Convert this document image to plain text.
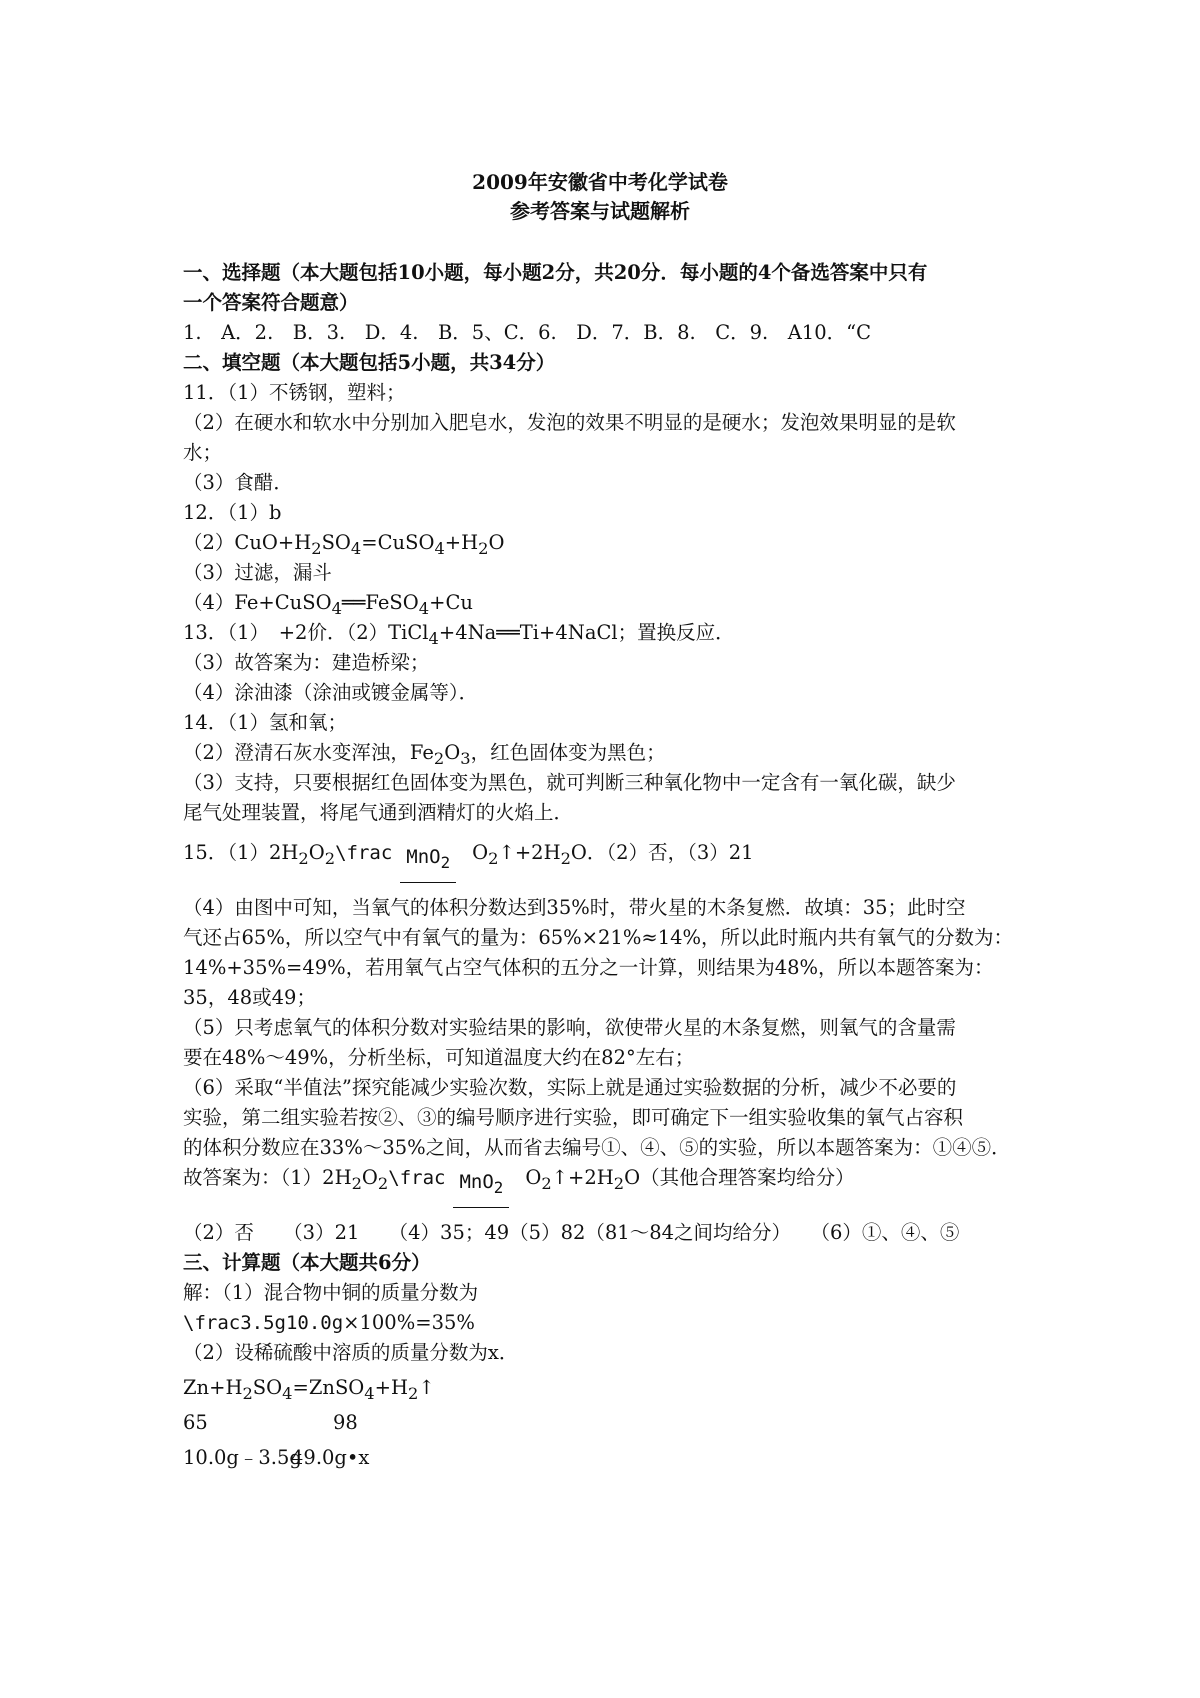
2009年安徽省中考化学试卷
参考答案与试题解析
一、选择题（本大题包括10小题，每小题2分，共20分．每小题的4个备选答案中只有
一个答案符合题意）
1.　A．2.　B．3.　D．4.　B．5、C．6.　D．7．B．8.　C．9.　A10．“C
二、填空题（本大题包括5小题，共34分）
11．（1）不锈钢，塑料；
（2）在硬水和软水中分别加入肥皂水，发泡的效果不明显的是硬水；发泡效果明显的是软
水；
（3）食醋．
12．（1）b
$(2)CuO+H_2SO_4=CuSO_4+H_2O$
（3）过滤，漏斗
（4）Fe+CuSO$_4$══FeSO$_4$+Cu
13．（1）　+2价．（2）TiCl$_4$+4Na══Ti+4NaCl；置换反应．
（3）故答案为：建造桥梁；
（4）涂油漆（涂油或镀金属等）．
14．（1）氢和氧；
（2）澄清石灰水变浑浊，$Fe_2O_3$，红色固体变为黑色；
（3）支持，只要根据红色固体变为黑色，就可判断三种氧化物中一定含有一氧化碳，缺少
尾气处理装置，将尾气通到酒精灯的火焰上．
15．$(1)2H_2O_2\backslash frac$ MnO$_2$ $O_2↑+2H_2O$．（2）否，（3）21
（4）由图中可知，当氧气的体积分数达到35%时，带火星的木条复燃．故填：35；此时空
气还占65%，所以空气中有氧气的量为：65%×21%≈14%，所以此时瓶内共有氧气的分数为：
14%+35%=49%，若用氧气占空气体积的五分之一计算，则结果为48%，所以本题答案为：
35，48或49；
（5）只考虑氧气的体积分数对实验结果的影响，欲使带火星的木条复燃，则氧气的含量需
要在48%～49%，分析坐标，可知道温度大约在82°左右；
（6）采取“半值法”探究能减少实验次数，实际上就是通过实验数据的分析，减少不必要的
实验，第二组实验若按②、③的编号顺序进行实验，即可确定下一组实验收集的氧气占容积
的体积分数应在33%～35%之间，从而省去编号①、④、⑤的实验，所以本题答案为：①④⑤．
故答案为：$(1)2H_2O_2\backslash frac$ MnO$_2$ $O_2↑+2H_2O$（其他合理答案均给分）
（2）否　　（3）21　　（4）35；49（5）82（81～84之间均给分）　　（6）①、④、⑤
三、计算题（本大题共6分）
解：（1）混合物中铜的质量分数为
\frac3.5g10.0g×100%=35%
（2）设稀硫酸中溶质的质量分数为x．
$Zn+H_2SO_4=ZnSO_4+H_2↑$
65	98
10.0g﹣3.5g49.0g•x
